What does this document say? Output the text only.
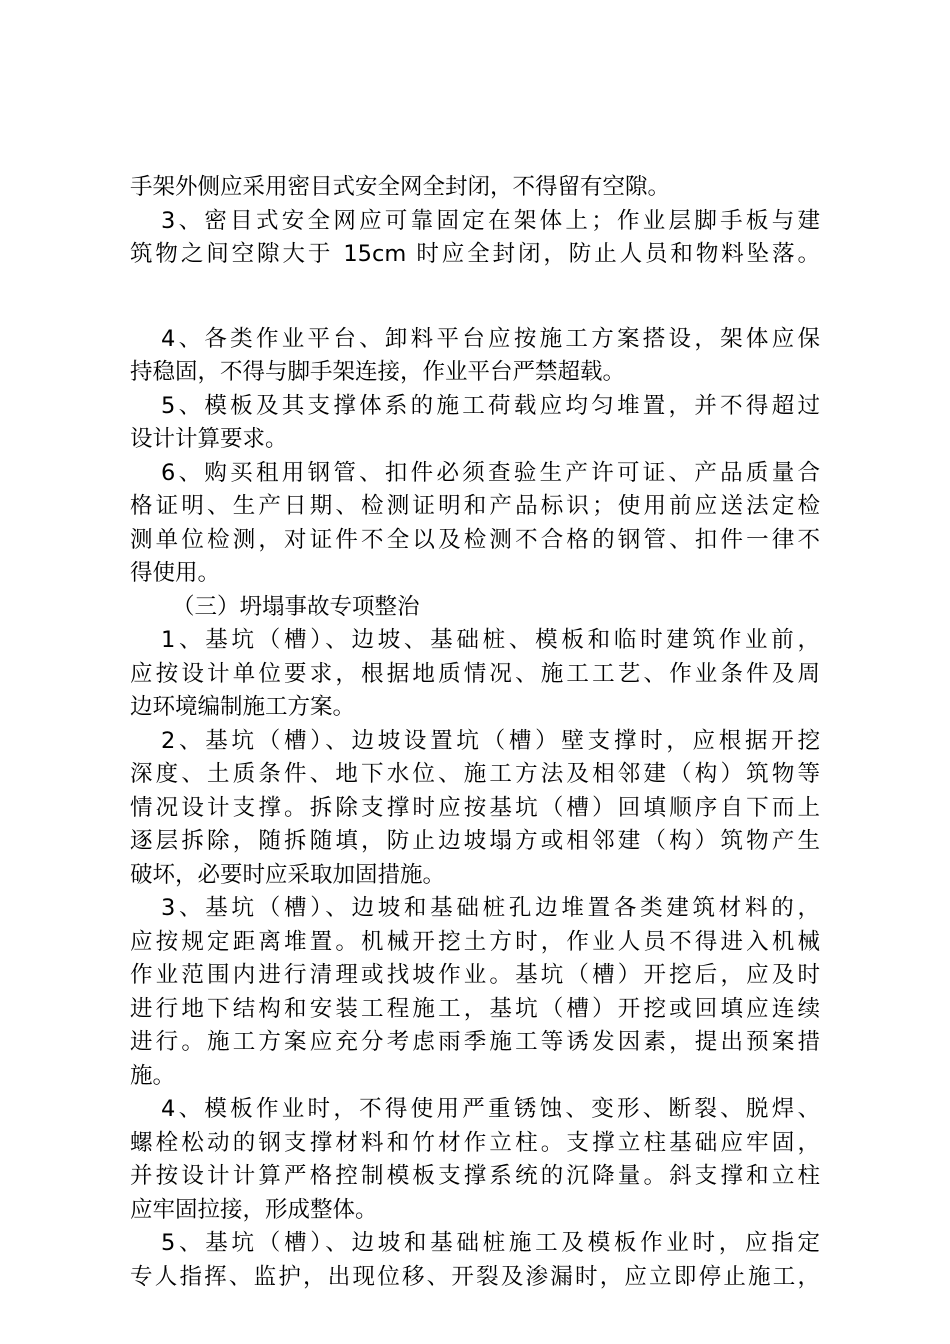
手架外侧应采用密目式安全网全封闭，不得留有空隙。
3、密目式安全网应可靠固定在架体上；作业层脚手板与建
筑物之间空隙大于 15cm 时应全封闭，防止人员和物料坠落。
4、各类作业平台、卸料平台应按施工方案搭设，架体应保
持稳固，不得与脚手架连接，作业平台严禁超载。
5、模板及其支撑体系的施工荷载应均匀堆置，并不得超过
设计计算要求。
6、购买租用钢管、扣件必须查验生产许可证、产品质量合
格证明、生产日期、检测证明和产品标识；使用前应送法定检
测单位检测，对证件不全以及检测不合格的钢管、扣件一律不
得使用。
（三）坍塌事故专项整治
1、基坑（槽）、边坡、基础桩、模板和临时建筑作业前，
应按设计单位要求，根据地质情况、施工工艺、作业条件及周
边环境编制施工方案。
2、基坑（槽）、边坡设置坑（槽）壁支撑时，应根据开挖
深度、土质条件、地下水位、施工方法及相邻建（构）筑物等
情况设计支撑。拆除支撑时应按基坑（槽）回填顺序自下而上
逐层拆除，随拆随填，防止边坡塌方或相邻建（构）筑物产生
破坏，必要时应采取加固措施。
3、基坑（槽）、边坡和基础桩孔边堆置各类建筑材料的，
应按规定距离堆置。机械开挖土方时，作业人员不得进入机械
作业范围内进行清理或找坡作业。基坑（槽）开挖后，应及时
进行地下结构和安装工程施工，基坑（槽）开挖或回填应连续
进行。施工方案应充分考虑雨季施工等诱发因素，提出预案措
施。
4、模板作业时，不得使用严重锈蚀、变形、断裂、脱焊、
螺栓松动的钢支撑材料和竹材作立柱。支撑立柱基础应牢固，
并按设计计算严格控制模板支撑系统的沉降量。斜支撑和立柱
应牢固拉接，形成整体。
5、基坑（槽）、边坡和基础桩施工及模板作业时，应指定
专人指挥、监护，出现位移、开裂及渗漏时，应立即停止施工，
